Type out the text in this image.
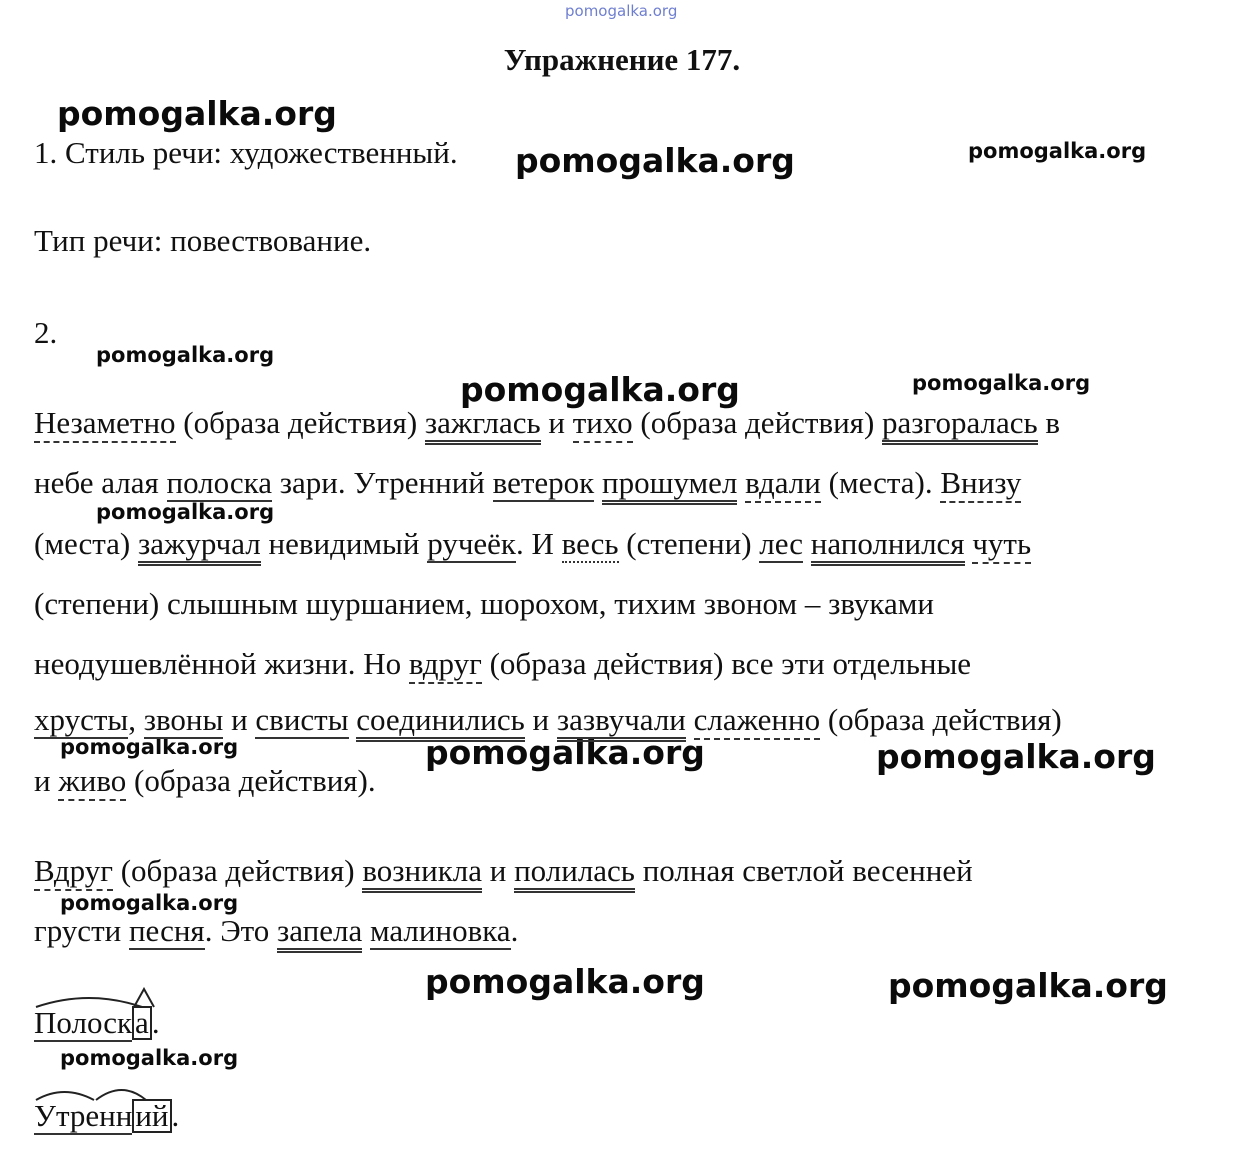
pomogalka.org
pomogalka.org
pomogalka.org	pomogalka.org
pomogalka.org
pomogalka.org	pomogalka.org
pomogalka.org
pomogalka.org	pomogalka.org	pomogalka.org
pomogalka.org
pomogalka.org	pomogalka.org
pomogalka.org
Упражнение 177.
1. Стиль речи: художественный.
Тип речи: повествование.
2.
Незаметно (образа действия) зажглась и тихо (образа действия) разгоралась в
небе алая полоска зари. Утренний ветерок прошумел вдали (места). Внизу
(места) зажурчал невидимый ручеёк. И весь (степени) лес наполнился чуть
(степени) слышным шуршанием, шорохом, тихим звоном – звуками
неодушевлённой жизни. Но вдруг (образа действия) все эти отдельные
хрусты, звоны и свисты соединились и зазвучали слаженно (образа действия)
и живо (образа действия).
Вдруг (образа действия) возникла и полилась полная светлой весенней
грусти песня. Это запела малиновка.
Полоска.
Утренний.
